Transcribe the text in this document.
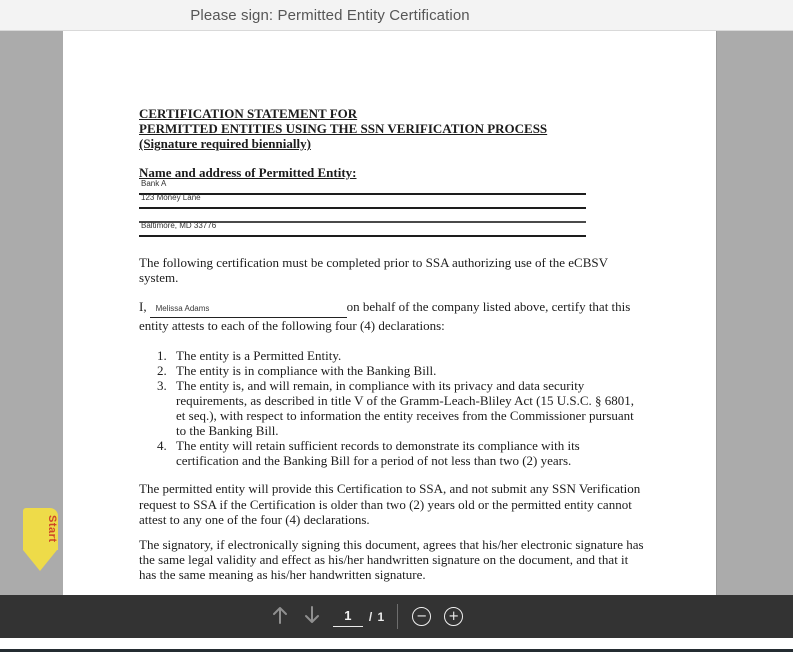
Please sign: Permitted Entity Certification
CERTIFICATION STATEMENT FOR
PERMITTED ENTITIES USING THE SSN VERIFICATION PROCESS
(Signature required biennially)
Name and address of Permitted Entity:
Bank A
123 Money Lane
Baltimore, MD 33776

The following certification must be completed prior to SSA authorizing use of the eCBSV system.

I, Melissa Adams	on behalf of the company listed above, certify that this entity attests to each of the following four (4) declarations:

1. The entity is a Permitted Entity.
2. The entity is in compliance with the Banking Bill.
3. The entity is, and will remain, in compliance with its privacy and data security requirements, as described in title V of the Gramm-Leach-Bliley Act (15 U.S.C. § 6801, et seq.), with respect to information the entity receives from the Commissioner pursuant to the Banking Bill.
4. The entity will retain sufficient records to demonstrate its compliance with its certification and the Banking Bill for a period of not less than two (2) years.

The permitted entity will provide this Certification to SSA, and not submit any SSN Verification request to SSA if the Certification is older than two (2) years old or the permitted entity cannot attest to any one of the four (4) declarations.

The signatory, if electronically signing this document, agrees that his/her electronic signature has the same legal validity and effect as his/her handwritten signature on the document, and that it has the same meaning as his/her handwritten signature.

Start
1
/ 1 − +
